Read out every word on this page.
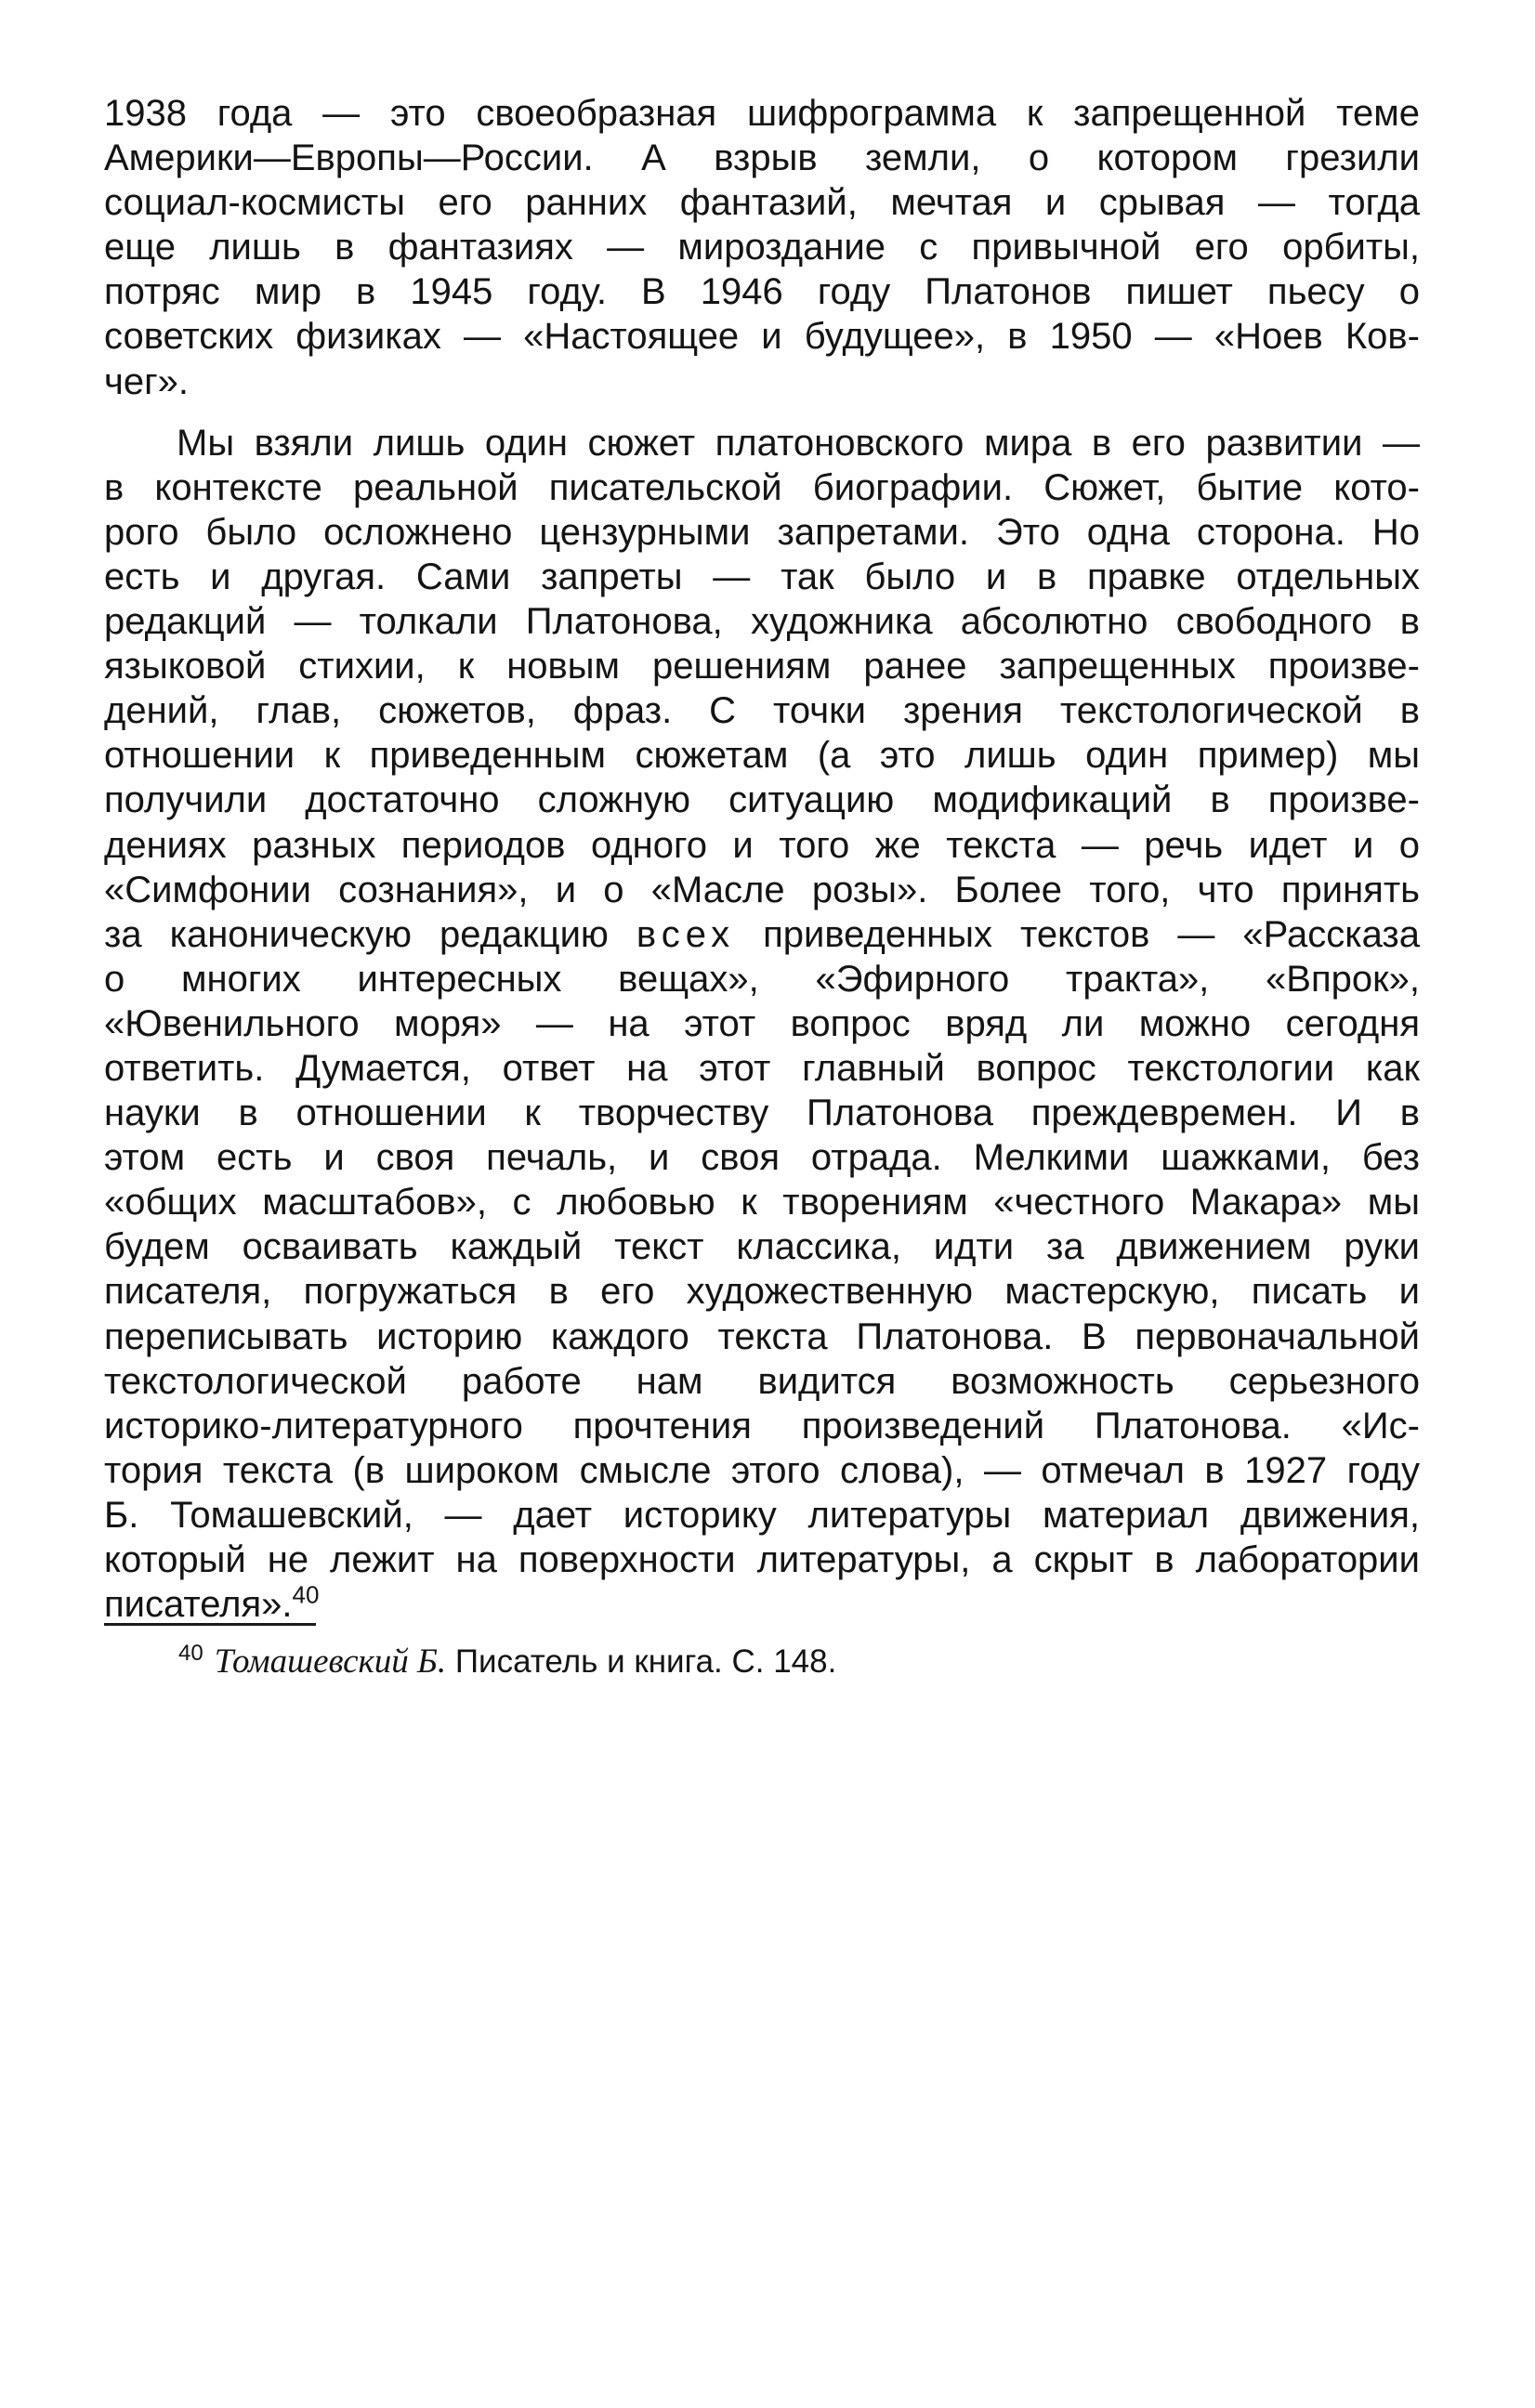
1938 года — это своеобразная шифрограмма к запрещенной теме
Америки—Европы—России. А взрыв земли, о котором грезили
социал-космисты его ранних фантазий, мечтая и срывая — тогда
еще лишь в фантазиях — мироздание с привычной его орбиты,
потряс мир в 1945 году. В 1946 году Платонов пишет пьесу о
советских физиках — «Настоящее и будущее», в 1950 — «Ноев Ков-
чег».
Мы взяли лишь один сюжет платоновского мира в его развитии —
в контексте реальной писательской биографии. Сюжет, бытие кото-
рого было осложнено цензурными запретами. Это одна сторона. Но
есть и другая. Сами запреты — так было и в правке отдельных
редакций — толкали Платонова, художника абсолютно свободного в
языковой стихии, к новым решениям ранее запрещенных произве-
дений, глав, сюжетов, фраз. С точки зрения текстологической в
отношении к приведенным сюжетам (а это лишь один пример) мы
получили достаточно сложную ситуацию модификаций в произве-
дениях разных периодов одного и того же текста — речь идет и о
«Симфонии сознания», и о «Масле розы». Более того, что принять
за каноническую редакцию всех приведенных текстов — «Рассказа
о многих интересных вещах», «Эфирного тракта», «Впрок»,
«Ювенильного моря» — на этот вопрос вряд ли можно сегодня
ответить. Думается, ответ на этот главный вопрос текстологии как
науки в отношении к творчеству Платонова преждевремен. И в
этом есть и своя печаль, и своя отрада. Мелкими шажками, без
«общих масштабов», с любовью к творениям «честного Макара» мы
будем осваивать каждый текст классика, идти за движением руки
писателя, погружаться в его художественную мастерскую, писать и
переписывать историю каждого текста Платонова. В первоначальной
текстологической работе нам видится возможность серьезного
историко-литературного прочтения произведений Платонова. «Ис-
тория текста (в широком смысле этого слова), — отмечал в 1927 году
Б. Томашевский, — дает историку литературы материал движения,
который не лежит на поверхности литературы, а скрыт в лаборатории
писателя».$^{40}$
$^{40}$ Томашевский Б. Писатель и книга. С. 148.
